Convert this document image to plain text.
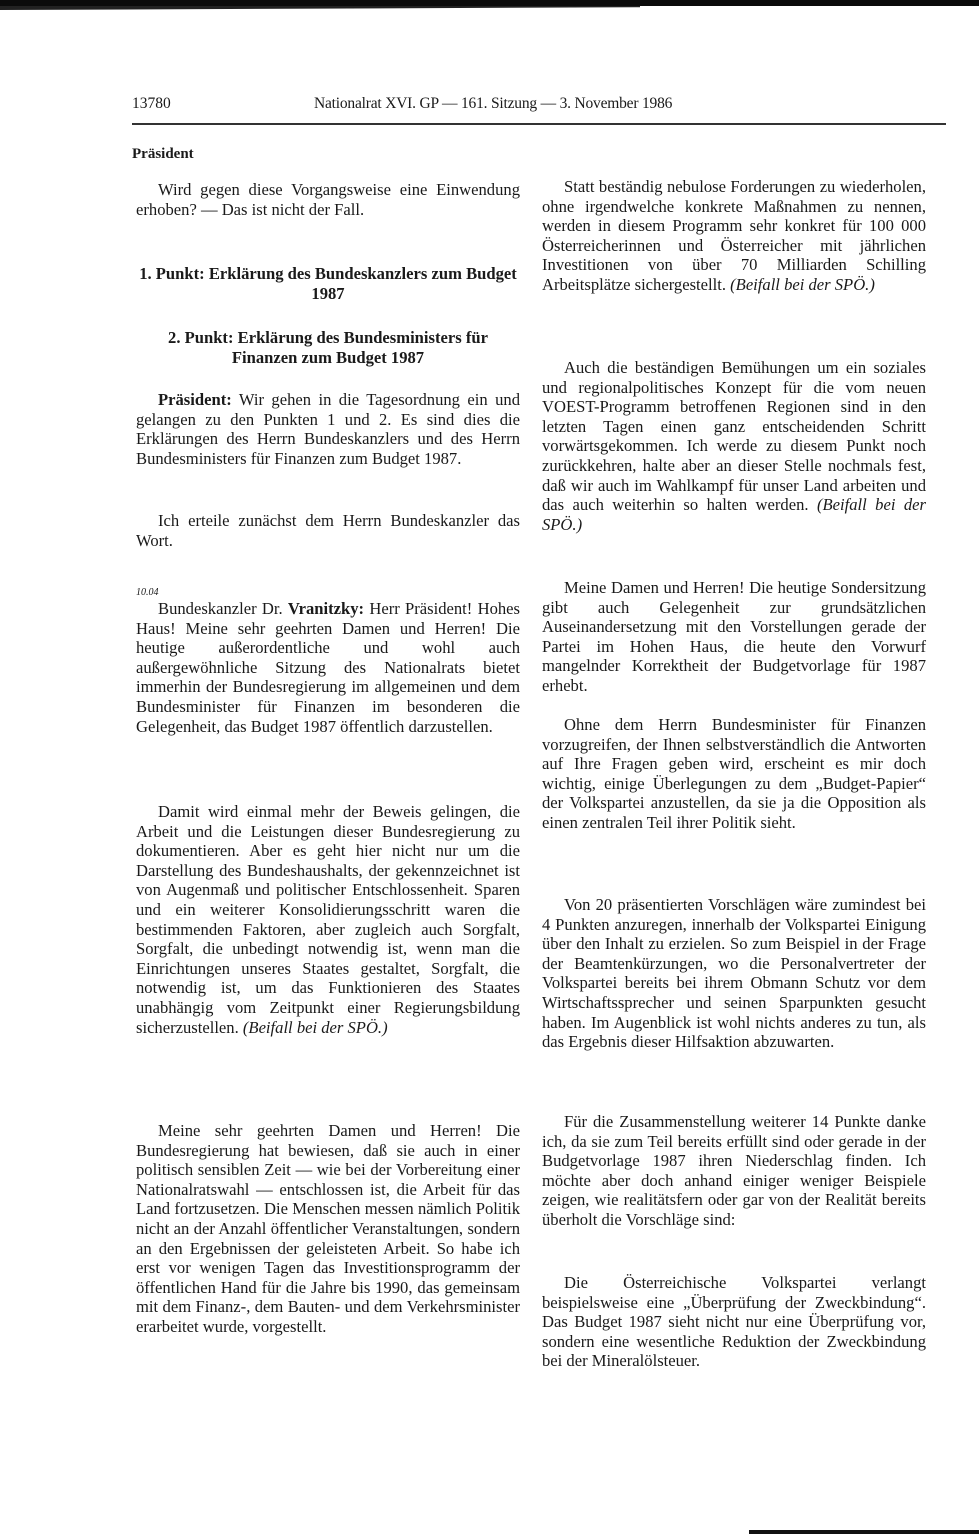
13780	Nationalrat XVI. GP — 161. Sitzung — 3. November 1986
Präsident

Wird gegen diese Vorgangsweise eine Einwendung erhoben? — Das ist nicht der Fall.

1. Punkt: Erklärung des Bundeskanzlers zum Budget 1987

2. Punkt: Erklärung des Bundesministers für Finanzen zum Budget 1987

Präsident: Wir gehen in die Tagesordnung ein und gelangen zu den Punkten 1 und 2. Es sind dies die Erklärungen des Herrn Bundeskanzlers und des Herrn Bundesministers für Finanzen zum Budget 1987.

Ich erteile zunächst dem Herrn Bundeskanzler das Wort.

10.04

Bundeskanzler Dr. Vranitzky: Herr Präsident! Hohes Haus! Meine sehr geehrten Damen und Herren! Die heutige außerordentliche und wohl auch außergewöhnliche Sitzung des Nationalrats bietet immerhin der Bundesregierung im allgemeinen und dem Bundesminister für Finanzen im besonderen die Gelegenheit, das Budget 1987 öffentlich darzustellen.

Damit wird einmal mehr der Beweis gelingen, die Arbeit und die Leistungen dieser Bundesregierung zu dokumentieren. Aber es geht hier nicht nur um die Darstellung des Bundeshaushalts, der gekennzeichnet ist von Augenmaß und politischer Entschlossenheit. Sparen und ein weiterer Konsolidierungsschritt waren die bestimmenden Faktoren, aber zugleich auch Sorgfalt, Sorgfalt, die unbedingt notwendig ist, wenn man die Einrichtungen unseres Staates gestaltet, Sorgfalt, die notwendig ist, um das Funktionieren des Staates unabhängig vom Zeitpunkt einer Regierungsbildung sicherzustellen. (Beifall bei der SPÖ.)

Meine sehr geehrten Damen und Herren! Die Bundesregierung hat bewiesen, daß sie auch in einer politisch sensiblen Zeit — wie bei der Vorbereitung einer Nationalratswahl — entschlossen ist, die Arbeit für das Land fortzusetzen. Die Menschen messen nämlich Politik nicht an der Anzahl öffentlicher Veranstaltungen, sondern an den Ergebnissen der geleisteten Arbeit. So habe ich erst vor wenigen Tagen das Investitionsprogramm der öffentlichen Hand für die Jahre bis 1990, das gemeinsam mit dem Finanz-, dem Bauten- und dem Verkehrsminister erarbeitet wurde, vorgestellt.

Statt beständig nebulose Forderungen zu wiederholen, ohne irgendwelche konkrete Maßnahmen zu nennen, werden in diesem Programm sehr konkret für 100 000 Österreicherinnen und Österreicher mit jährlichen Investitionen von über 70 Milliarden Schilling Arbeitsplätze sichergestellt. (Beifall bei der SPÖ.)

Auch die beständigen Bemühungen um ein soziales und regionalpolitisches Konzept für die vom neuen VOEST-Programm betroffenen Regionen sind in den letzten Tagen einen ganz entscheidenden Schritt vorwärtsgekommen. Ich werde zu diesem Punkt noch zurückkehren, halte aber an dieser Stelle nochmals fest, daß wir auch im Wahlkampf für unser Land arbeiten und das auch weiterhin so halten werden. (Beifall bei der SPÖ.)

Meine Damen und Herren! Die heutige Sondersitzung gibt auch Gelegenheit zur grundsätzlichen Auseinandersetzung mit den Vorstellungen gerade der Partei im Hohen Haus, die heute den Vorwurf mangelnder Korrektheit der Budgetvorlage für 1987 erhebt.

Ohne dem Herrn Bundesminister für Finanzen vorzugreifen, der Ihnen selbstverständlich die Antworten auf Ihre Fragen geben wird, erscheint es mir doch wichtig, einige Überlegungen zu dem „Budget-Papier“ der Volkspartei anzustellen, da sie ja die Opposition als einen zentralen Teil ihrer Politik sieht.

Von 20 präsentierten Vorschlägen wäre zumindest bei 4 Punkten anzuregen, innerhalb der Volkspartei Einigung über den Inhalt zu erzielen. So zum Beispiel in der Frage der Beamtenkürzungen, wo die Personalvertreter der Volkspartei bereits bei ihrem Obmann Schutz vor dem Wirtschaftssprecher und seinen Sparpunkten gesucht haben. Im Augenblick ist wohl nichts anderes zu tun, als das Ergebnis dieser Hilfsaktion abzuwarten.

Für die Zusammenstellung weiterer 14 Punkte danke ich, da sie zum Teil bereits erfüllt sind oder gerade in der Budgetvorlage 1987 ihren Niederschlag finden. Ich möchte aber doch anhand einiger weniger Beispiele zeigen, wie realitätsfern oder gar von der Realität bereits überholt die Vorschläge sind:

Die Österreichische Volkspartei verlangt beispielsweise eine „Überprüfung der Zweckbindung“. Das Budget 1987 sieht nicht nur eine Überprüfung vor, sondern eine wesentliche Reduktion der Zweckbindung bei der Mineralölsteuer.
